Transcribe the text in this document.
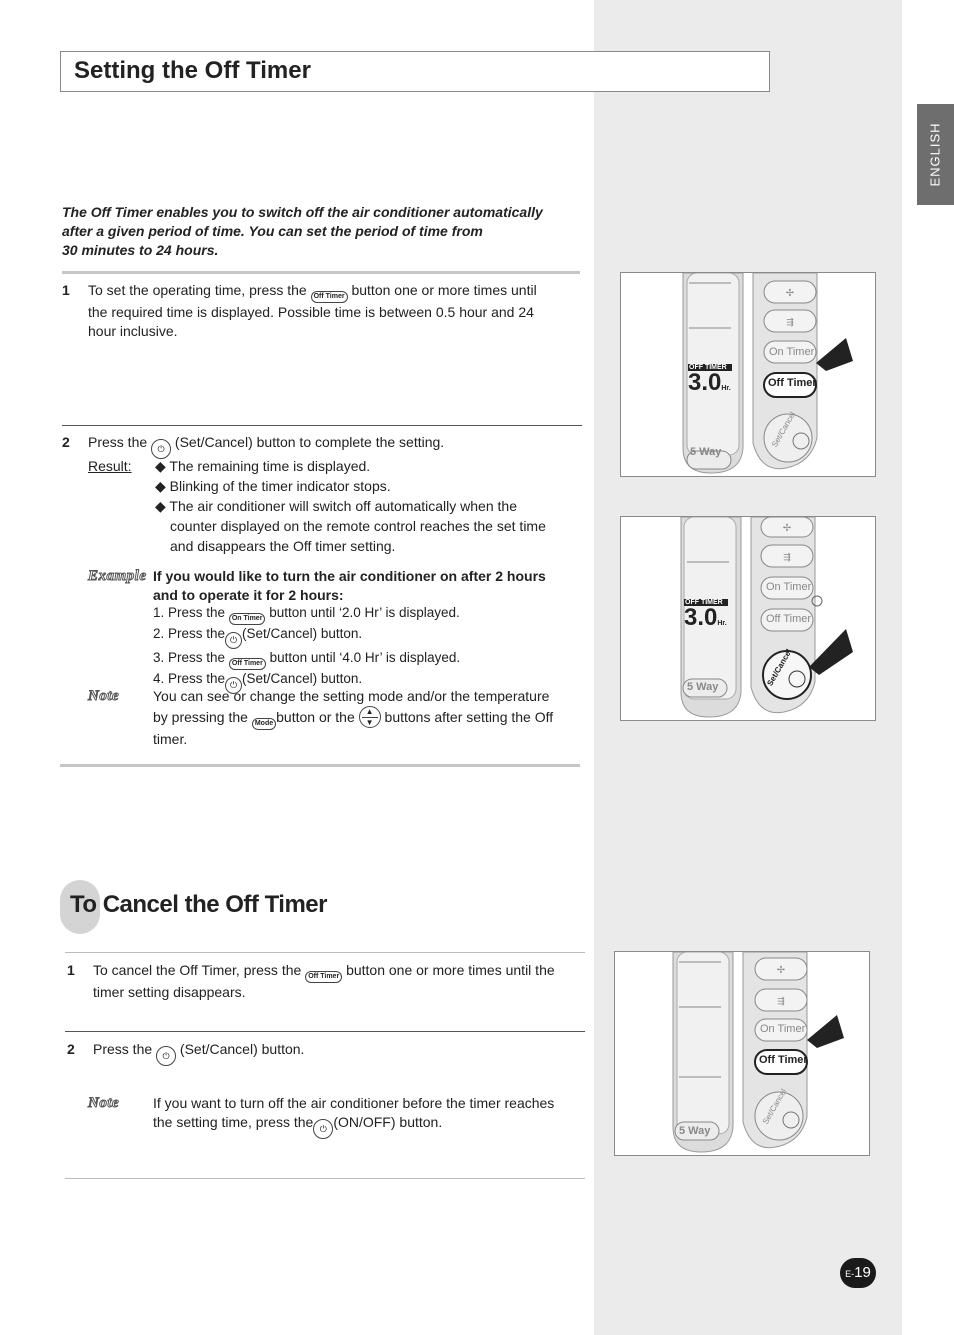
ENGLISH
Setting the Off Timer
The Off Timer enables you to switch off the air conditioner automatically
after a given period of time. You can set the period of time from
30 minutes to 24 hours.
1 To set the operating time, press the Off Timer button one or more times until
the required time is displayed. Possible time is between 0.5 hour and 24
hour inclusive.
2 Press the ⏻ (Set/Cancel) button to complete the setting.
Result: ◆ The remaining time is displayed.
◆ Blinking of the timer indicator stops.
◆ The air conditioner will switch off automatically when the
counter displayed on the remote control reaches the set time
and disappears the Off timer setting.
Example If you would like to turn the air conditioner on after 2 hours
and to operate it for 2 hours:
1. Press the On Timer button until ‘2.0 Hr’ is displayed.
2. Press the ⏻ (Set/Cancel) button.
3. Press the Off Timer button until ‘4.0 Hr’ is displayed.
4. Press the ⏻ (Set/Cancel) button.
Note You can see or change the setting mode and/or the temperature
by pressing the Mode button or the	▲
▼ buttons after setting the Off
timer.
To Cancel the Off Timer
1 To cancel the Off Timer, press the Off Timer button one or more times until the
timer setting disappears.
2 Press the ⏻ (Set/Cancel) button.
Note If you want to turn off the air conditioner before the timer reaches
the setting time, press the ⏻ (ON/OFF) button.
✢
⇶
OFF TIMER
3.0Hr.
5 Way
On Timer
Off Timer
Set/Cancel
✢
⇶
OFF TIMER
3.0Hr.
5 Way
On Timer
Off Timer
Set/Cancel
✢
⇶
5 Way
On Timer
Off Timer
Set/Cancel
E-19
